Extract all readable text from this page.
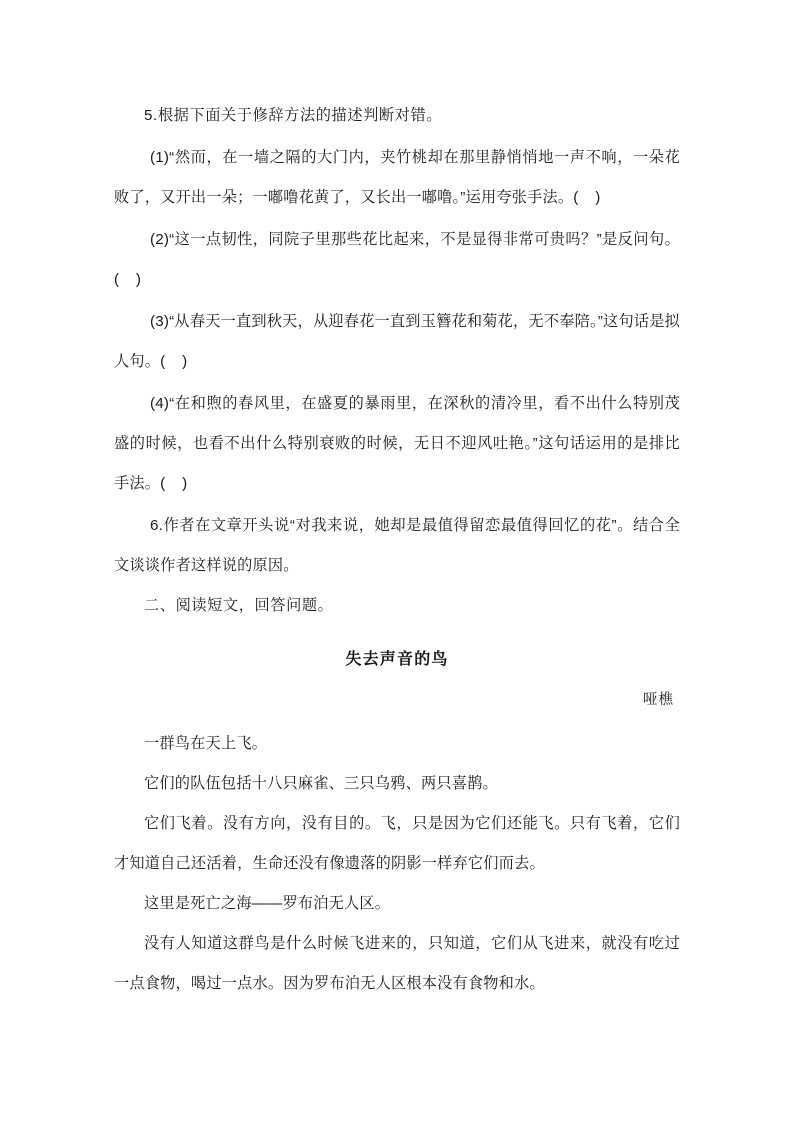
5.根据下面关于修辞方法的描述判断对错。

(1)“然而，在一墙之隔的大门内，夹竹桃却在那里静悄悄地一声不响，一朵花败了，又开出一朵；一嘟噜花黄了，又长出一嘟噜。”运用夸张手法。(    )

(2)“这一点韧性，同院子里那些花比起来，不是显得非常可贵吗？”是反问句。(    )

(3)“从春天一直到秋天，从迎春花一直到玉簪花和菊花，无不奉陪。”这句话是拟人句。(    )

(4)“在和煦的春风里，在盛夏的暴雨里，在深秋的清冷里，看不出什么特别茂盛的时候，也看不出什么特别衰败的时候，无日不迎风吐艳。”这句话运用的是排比手法。(    )

6.作者在文章开头说“对我来说，她却是最值得留恋最值得回忆的花”。结合全文谈谈作者这样说的原因。

二、阅读短文，回答问题。

失去声音的鸟

哑樵

一群鸟在天上飞。

它们的队伍包括十八只麻雀、三只乌鸦、两只喜鹊。

它们飞着。没有方向，没有目的。飞，只是因为它们还能飞。只有飞着，它们才知道自己还活着，生命还没有像遗落的阴影一样弃它们而去。

这里是死亡之海——罗布泊无人区。

没有人知道这群鸟是什么时候飞进来的，只知道，它们从飞进来，就没有吃过一点食物，喝过一点水。因为罗布泊无人区根本没有食物和水。
